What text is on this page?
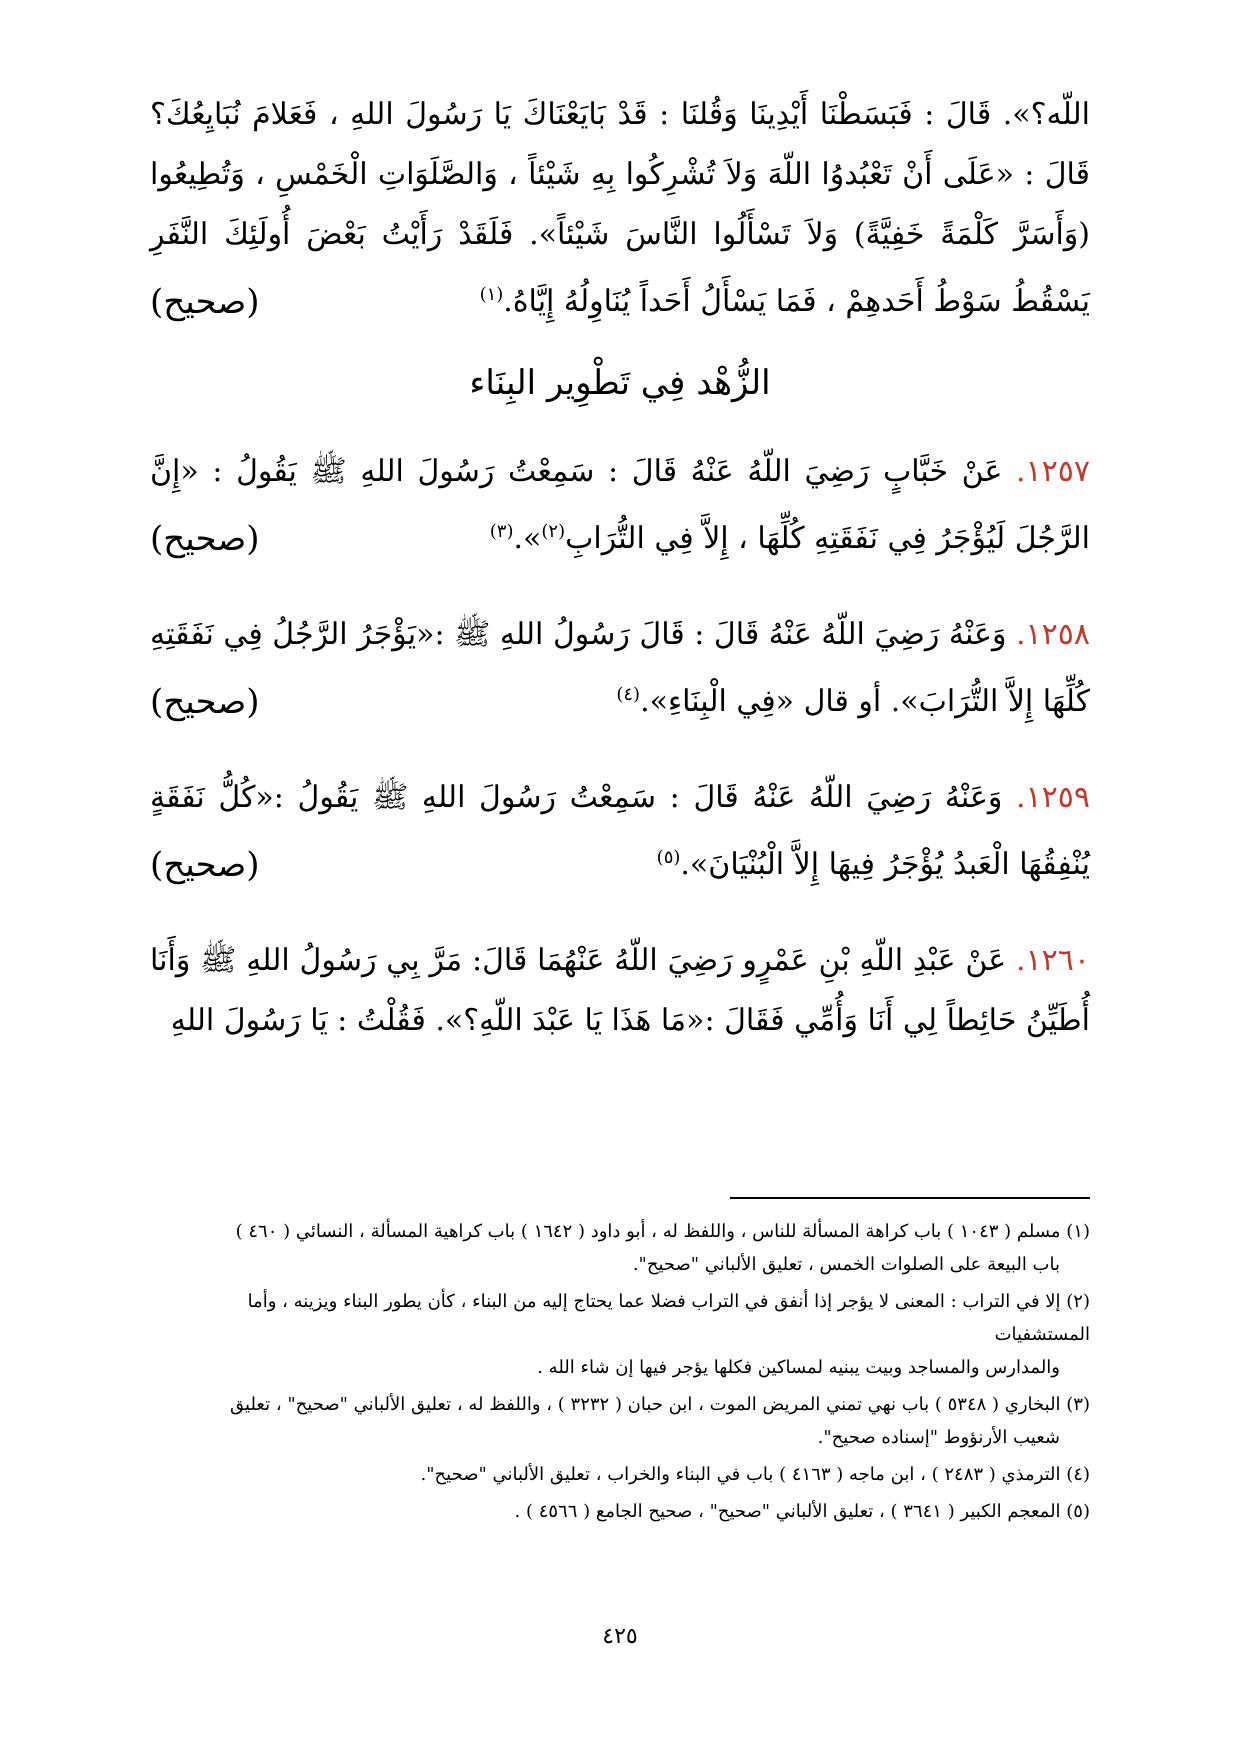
اللّه؟». قَالَ : فَبَسَطْنَا أَيْدِينَا وَقُلنَا : قَدْ بَايَعْنَاكَ يَا رَسُولَ اللهِ ، فَعَلامَ نُبَايِعُكَ؟ قَالَ : «عَلَى أَنْ تَعْبُدوُا اللّهَ وَلاَ تُشْرِكُوا بِهِ شَيْئاً ، وَالصَّلَوَاتِ الْخَمْسِ ، وَتُطِيعُوا (وَأَسَرَّ كَلْمَةً خَفِيَّةً) وَلاَ تَسْأَلُوا النَّاسَ شَيْئاً». فَلَقَدْ رَأَيْتُ بَعْضَ أُولَئِكَ النَّفَرِ يَسْقُطُ سَوْطُ أَحَدهِمْ ، فَمَا يَسْأَلُ أَحَداً يُنَاوِلُهُ إِيَّاهُ.$^{(١)}$
(صحيح)

الزُّهْد فِي تَطْوِير البِنَاء

١٢٥٧. عَنْ خَبَّابٍ رَضِيَ اللّهُ عَنْهُ قَالَ : سَمِعْتُ رَسُولَ اللهِ ﷺ يَقُولُ : «إِنَّ الرَّجُلَ لَيُؤْجَرُ فِي نَفَقَتِهِ كُلِّهَا ، إِلاَّ فِي التُّرَابِ$^{(٢)}$».$^{(٣)}$
(صحيح)

١٢٥٨. وَعَنْهُ رَضِيَ اللّهُ عَنْهُ قَالَ : قَالَ رَسُولُ اللهِ ﷺ :«يَؤْجَرُ الرَّجُلُ فِي نَفَقَتِهِ كُلِّهَا إِلاَّ التُّرَابَ». أو قال «فِي الْبِنَاءِ».$^{(٤)}$
(صحيح)

١٢٥٩. وَعَنْهُ رَضِيَ اللّهُ عَنْهُ قَالَ : سَمِعْتُ رَسُولَ اللهِ ﷺ يَقُولُ :«كُلُّ نَفَقَةٍ يُنْفِقُهَا الْعَبدُ يُؤْجَرُ فِيهَا إِلاَّ الْبُنْيَانَ».$^{(٥)}$
(صحيح)

١٢٦٠. عَنْ عَبْدِ اللّهِ بْنِ عَمْرٍو رَضِيَ اللّهُ عَنْهُمَا قَالَ: مَرَّ بِي رَسُولُ اللهِ ﷺ وَأَنَا أُطَيِّنُ حَائِطاً لِي أَنَا وَأُمِّي فَقَالَ :«مَا هَذَا يَا عَبْدَ اللّهِ؟». فَقُلْتُ : يَا رَسُولَ اللهِ

(١) مسلم ( ١٠٤٣ ) باب كراهة المسألة للناس ، واللفظ له ، أبو داود ( ١٦٤٢ ) باب كراهية المسألة ، النسائي ( ٤٦٠ )
باب البيعة على الصلوات الخمس ، تعليق الألباني "صحيح".
(٢) إلا في التراب : المعنى لا يؤجر إذا أنفق في التراب فضلا عما يحتاج إليه من البناء ، كأن يطور البناء ويزينه ، وأما المستشفيات
والمدارس والمساجد وبيت يبنيه لمساكين فكلها يؤجر فيها إن شاء الله .
(٣) البخاري ( ٥٣٤٨ ) باب نهي تمني المريض الموت ، ابن حبان ( ٣٢٣٢ ) ، واللفظ له ، تعليق الألباني "صحيح" ، تعليق
شعيب الأرنؤوط "إسناده صحيح".
(٤) الترمذي ( ٢٤٨٣ ) ، ابن ماجه ( ٤١٦٣ ) باب في البناء والخراب ، تعليق الألباني "صحيح".
(٥) المعجم الكبير ( ٣٦٤١ ) ، تعليق الألباني "صحيح" ، صحيح الجامع ( ٤٥٦٦ ) .
٤٢٥
